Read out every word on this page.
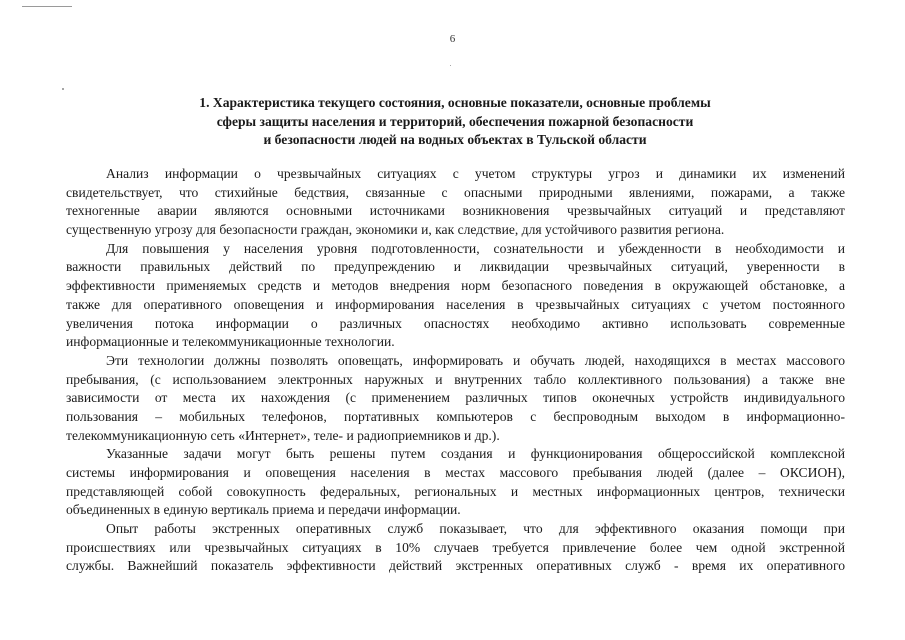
6
1. Характеристика текущего состояния, основные показатели, основные проблемы
сферы защиты населения и территорий, обеспечения пожарной безопасности
и безопасности людей на водных объектах в Тульской области
Анализ информации о чрезвычайных ситуациях с учетом структуры угроз и динамики их изменений
свидетельствует, что стихийные бедствия, связанные с опасными природными явлениями, пожарами, а также
техногенные аварии являются основными источниками возникновения чрезвычайных ситуаций и представляют
существенную угрозу для безопасности граждан, экономики и, как следствие, для устойчивого развития региона.
Для повышения у населения уровня подготовленности, сознательности и убежденности в необходимости и
важности правильных действий по предупреждению и ликвидации чрезвычайных ситуаций, уверенности в
эффективности применяемых средств и методов внедрения норм безопасного поведения в окружающей обстановке, а
также для оперативного оповещения и информирования населения в чрезвычайных ситуациях с учетом постоянного
увеличения потока информации о различных опасностях необходимо активно использовать современные
информационные и телекоммуникационные технологии.
Эти технологии должны позволять оповещать, информировать и обучать людей, находящихся в местах массового
пребывания, (с использованием электронных наружных и внутренних табло коллективного пользования) а также вне
зависимости от места их нахождения (с применением различных типов оконечных устройств индивидуального
пользования – мобильных телефонов, портативных компьютеров с беспроводным выходом в информационно-
телекоммуникационную сеть «Интернет», теле- и радиоприемников и др.).
Указанные задачи могут быть решены путем создания и функционирования общероссийской комплексной
системы информирования и оповещения населения в местах массового пребывания людей (далее – ОКСИОН),
представляющей собой совокупность федеральных, региональных и местных информационных центров, технически
объединенных в единую вертикаль приема и передачи информации.
Опыт работы экстренных оперативных служб показывает, что для эффективного оказания помощи при
происшествиях или чрезвычайных ситуациях в 10% случаев требуется привлечение более чем одной экстренной
службы. Важнейший показатель эффективности действий экстренных оперативных служб - время их оперативного
